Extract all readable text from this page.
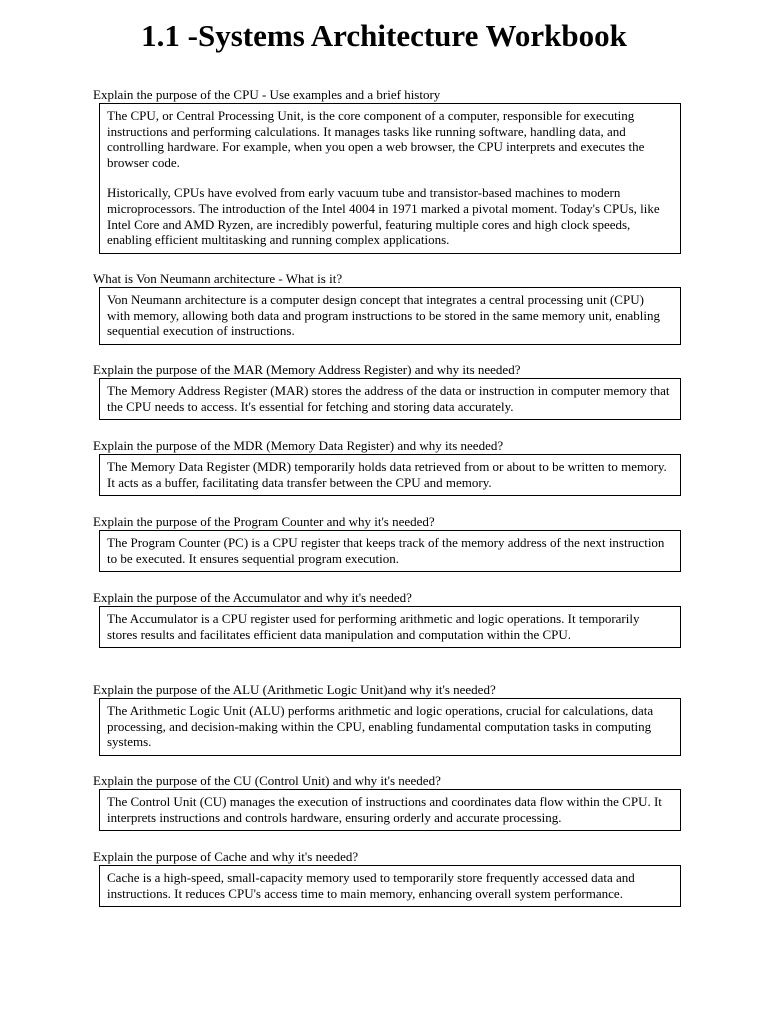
1.1 -Systems Architecture Workbook
Explain the purpose of the CPU - Use examples and a brief history

The CPU, or Central Processing Unit, is the core component of a computer, responsible for executing instructions and performing calculations. It manages tasks like running software, handling data, and controlling hardware. For example, when you open a web browser, the CPU interprets and executes the browser code.

Historically, CPUs have evolved from early vacuum tube and transistor-based machines to modern microprocessors. The introduction of the Intel 4004 in 1971 marked a pivotal moment. Today's CPUs, like Intel Core and AMD Ryzen, are incredibly powerful, featuring multiple cores and high clock speeds, enabling efficient multitasking and running complex applications.

What is Von Neumann architecture - What is it?

Von Neumann architecture is a computer design concept that integrates a central processing unit (CPU) with memory, allowing both data and program instructions to be stored in the same memory unit, enabling sequential execution of instructions.

Explain the purpose of the MAR (Memory Address Register) and why its needed?

The Memory Address Register (MAR) stores the address of the data or instruction in computer memory that the CPU needs to access. It's essential for fetching and storing data accurately.

Explain the purpose of the MDR (Memory Data Register) and why its needed?

The Memory Data Register (MDR) temporarily holds data retrieved from or about to be written to memory. It acts as a buffer, facilitating data transfer between the CPU and memory.

Explain the purpose of the Program Counter and why it's needed?

The Program Counter (PC) is a CPU register that keeps track of the memory address of the next instruction to be executed. It ensures sequential program execution.

Explain the purpose of the Accumulator and why it's needed?

The Accumulator is a CPU register used for performing arithmetic and logic operations. It temporarily stores results and facilitates efficient data manipulation and computation within the CPU.

Explain the purpose of the ALU (Arithmetic Logic Unit)and why it's needed?

The Arithmetic Logic Unit (ALU) performs arithmetic and logic operations, crucial for calculations, data processing, and decision-making within the CPU, enabling fundamental computation tasks in computing systems.

Explain the purpose of the CU (Control Unit) and why it's needed?

The Control Unit (CU) manages the execution of instructions and coordinates data flow within the CPU. It interprets instructions and controls hardware, ensuring orderly and accurate processing.

Explain the purpose of Cache and why it's needed?

Cache is a high-speed, small-capacity memory used to temporarily store frequently accessed data and instructions. It reduces CPU's access time to main memory, enhancing overall system performance.
